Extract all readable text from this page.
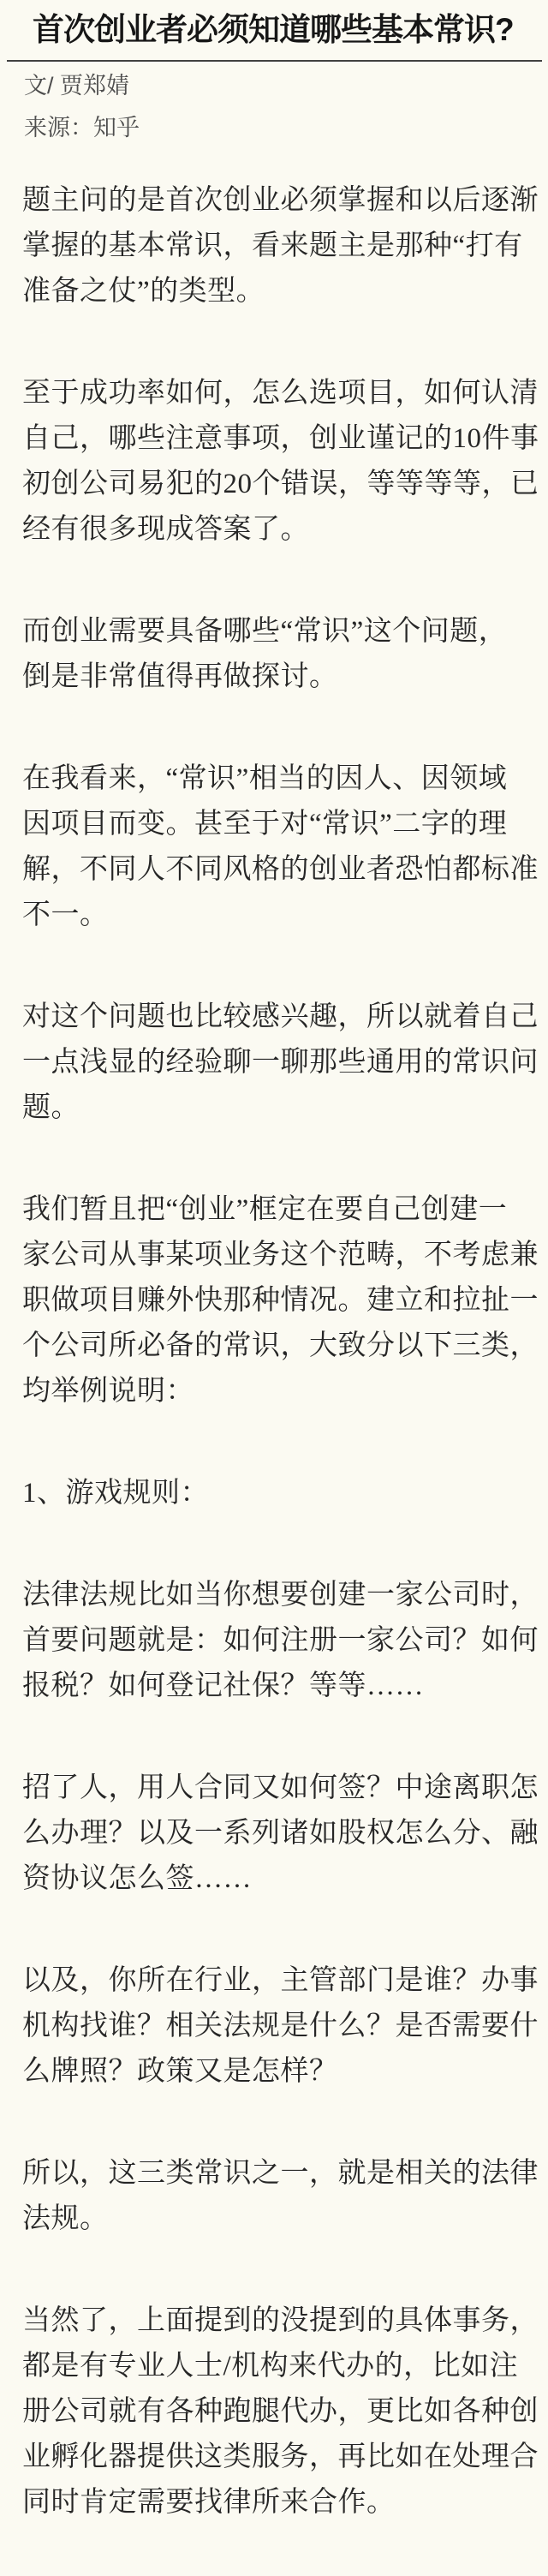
首次创业者必须知道哪些基本常识?
文/ 贾郑婧
来源：知乎
题主问的是首次创业必须掌握和以后逐渐
掌握的基本常识，看来题主是那种“打有
准备之仗”的类型。
至于成功率如何，怎么选项目，如何认清
自己，哪些注意事项，创业谨记的10件事
初创公司易犯的20个错误，等等等等，已
经有很多现成答案了。
而创业需要具备哪些“常识”这个问题，
倒是非常值得再做探讨。
在我看来，“常识”相当的因人、因领域
因项目而变。甚至于对“常识”二字的理
解，不同人不同风格的创业者恐怕都标准
不一。
对这个问题也比较感兴趣，所以就着自己
一点浅显的经验聊一聊那些通用的常识问
题。
我们暂且把“创业”框定在要自己创建一
家公司从事某项业务这个范畴，不考虑兼
职做项目赚外快那种情况。建立和拉扯一
个公司所必备的常识，大致分以下三类，
均举例说明：
1、游戏规则：
法律法规比如当你想要创建一家公司时，
首要问题就是：如何注册一家公司？如何
报税？如何登记社保？等等……
招了人，用人合同又如何签？中途离职怎
么办理？以及一系列诸如股权怎么分、融
资协议怎么签……
以及，你所在行业，主管部门是谁？办事
机构找谁？相关法规是什么？是否需要什
么牌照？政策又是怎样？
所以，这三类常识之一，就是相关的法律
法规。
当然了，上面提到的没提到的具体事务，
都是有专业人士/机构来代办的，比如注
册公司就有各种跑腿代办，更比如各种创
业孵化器提供这类服务，再比如在处理合
同时肯定需要找律所来合作。
